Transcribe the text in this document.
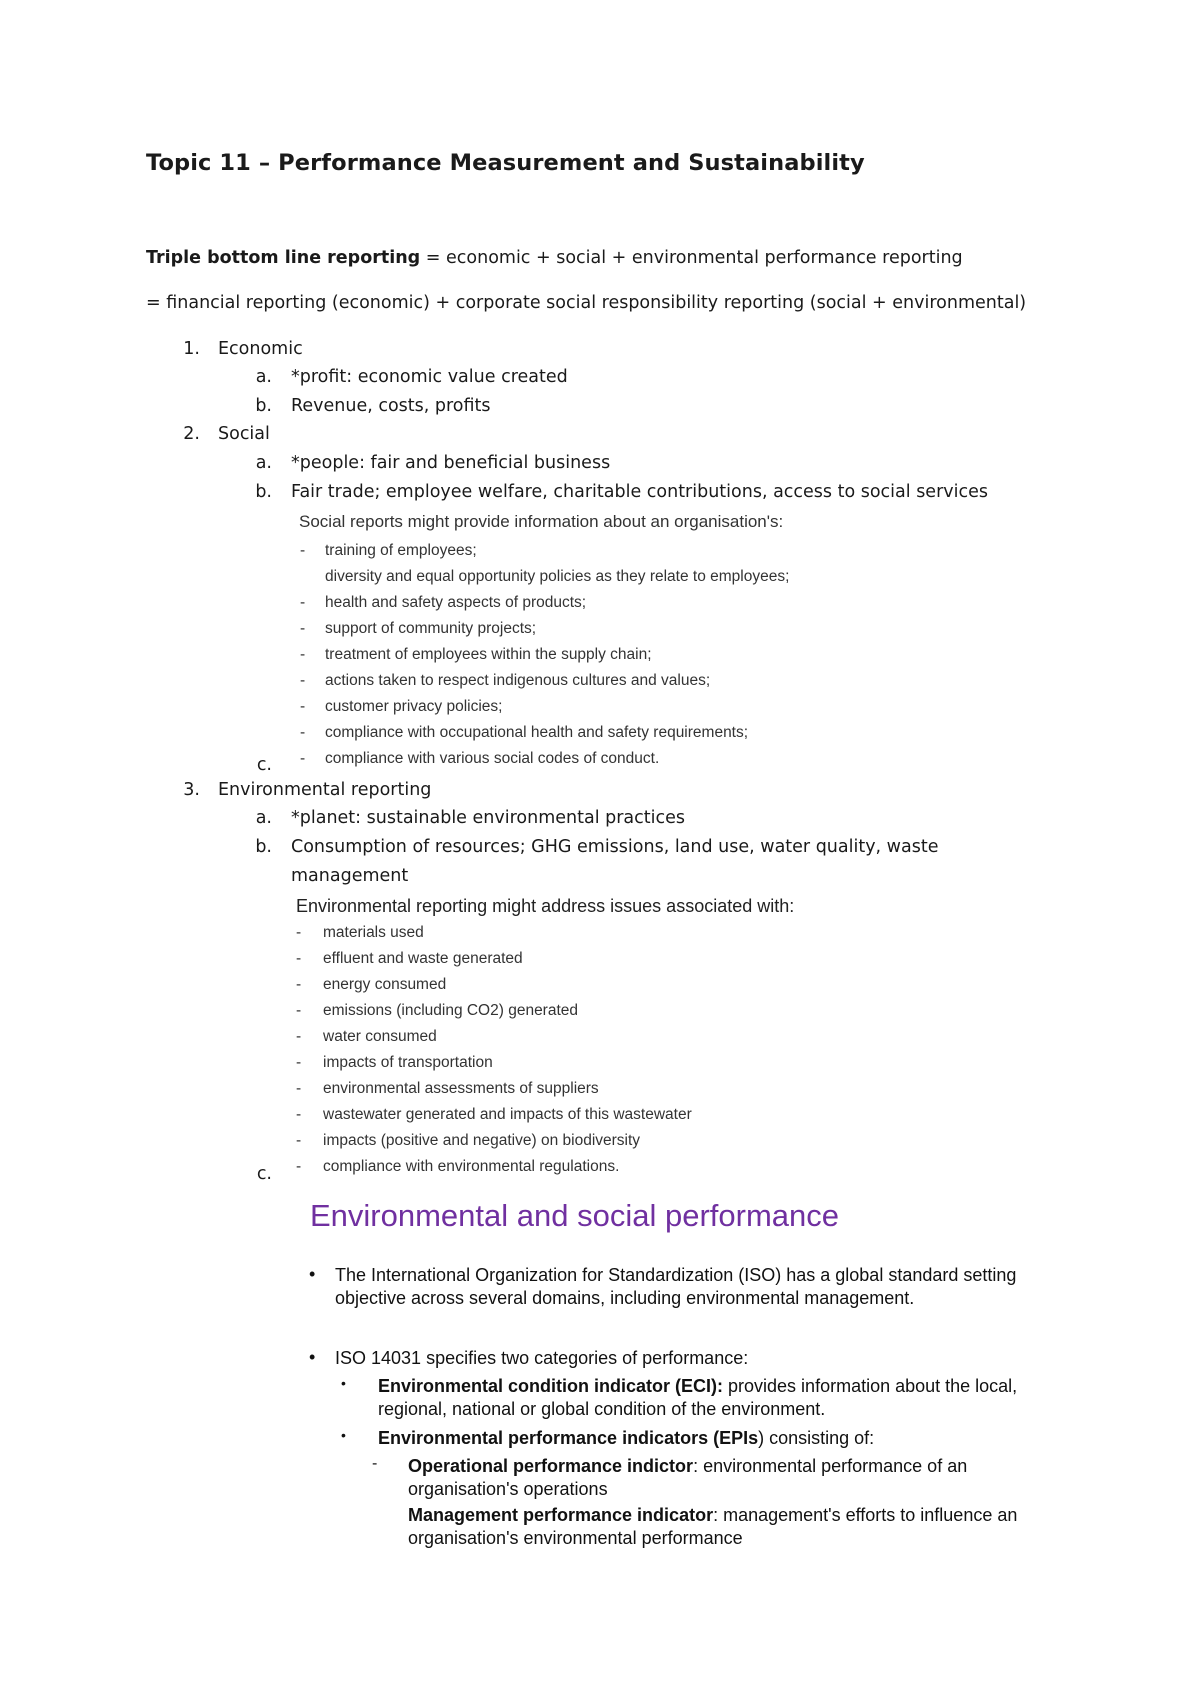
Topic 11 – Performance Measurement and Sustainability
Triple bottom line reporting = economic + social + environmental performance reporting
= financial reporting (economic) + corporate social responsibility reporting (social + environmental)
1. Economic
a. *profit: economic value created
b. Revenue, costs, profits
2. Social
a. *people: fair and beneficial business
b. Fair trade; employee welfare, charitable contributions, access to social services
Social reports might provide information about an organisation's:
- training of employees;
diversity and equal opportunity policies as they relate to employees;
- health and safety aspects of products;
- support of community projects;
- treatment of employees within the supply chain;
- actions taken to respect indigenous cultures and values;
- customer privacy policies;
- compliance with occupational health and safety requirements;
- compliance with various social codes of conduct.
c.
3. Environmental reporting
a. *planet: sustainable environmental practices
b. Consumption of resources; GHG emissions, land use, water quality, waste
management
Environmental reporting might address issues associated with:
- materials used
- effluent and waste generated
- energy consumed
- emissions (including CO2) generated
- water consumed
- impacts of transportation
- environmental assessments of suppliers
- wastewater generated and impacts of this wastewater
- impacts (positive and negative) on biodiversity
- compliance with environmental regulations.
c.
Environmental and social performance
• The International Organization for Standardization (ISO) has a global standard setting
objective across several domains, including environmental management.
• ISO 14031 specifies two categories of performance:
• Environmental condition indicator (ECI): provides information about the local,
regional, national or global condition of the environment.
• Environmental performance indicators (EPIs) consisting of:
- Operational performance indictor: environmental performance of an
organisation's operations
Management performance indicator: management's efforts to influence an
organisation's environmental performance
